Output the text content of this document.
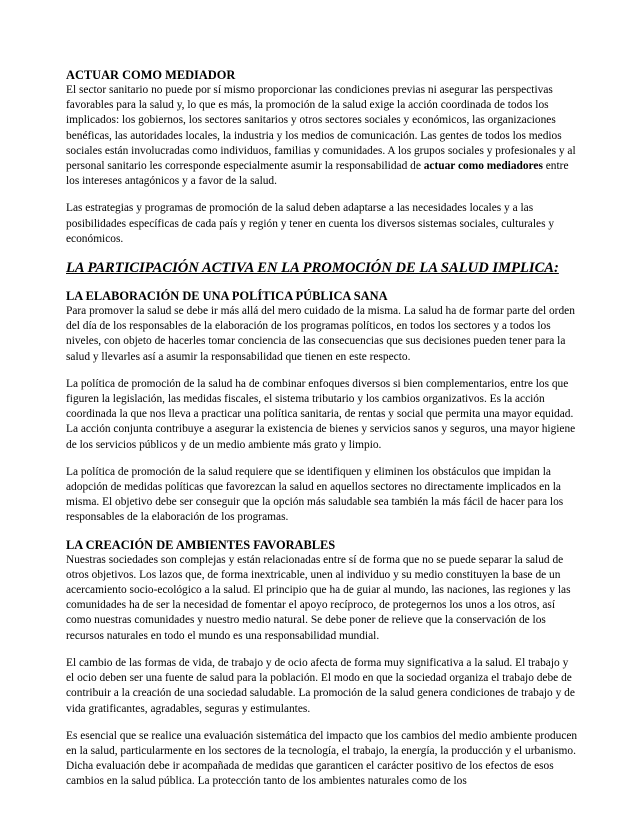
ACTUAR COMO MEDIADOR

El sector sanitario no puede por sí mismo proporcionar las condiciones previas ni asegurar las perspectivas favorables para la salud y, lo que es más, la promoción de la salud exige la acción coordinada de todos los implicados: los gobiernos, los sectores sanitarios y otros sectores sociales y económicos, las organizaciones benéficas, las autoridades locales, la industria y los medios de comunicación. Las gentes de todos los medios sociales están involucradas como individuos, familias y comunidades. A los grupos sociales y profesionales y al personal sanitario les corresponde especialmente asumir la responsabilidad de actuar como mediadores entre los intereses antagónicos y a favor de la salud.

Las estrategias y programas de promoción de la salud deben adaptarse a las necesidades locales y a las posibilidades específicas de cada país y región y tener en cuenta los diversos sistemas sociales, culturales y económicos.

LA PARTICIPACIÓN ACTIVA EN LA PROMOCIÓN DE LA SALUD IMPLICA:
LA ELABORACIÓN DE UNA POLÍTICA PÚBLICA SANA

Para promover la salud se debe ir más allá del mero cuidado de la misma. La salud ha de formar parte del orden del día de los responsables de la elaboración de los programas políticos, en todos los sectores y a todos los niveles, con objeto de hacerles tomar conciencia de las consecuencias que sus decisiones pueden tener para la salud y llevarles así a asumir la responsabilidad que tienen en este respecto.

La política de promoción de la salud ha de combinar enfoques diversos si bien complementarios, entre los que figuren la legislación, las medidas fiscales, el sistema tributario y los cambios organizativos. Es la acción coordinada la que nos lleva a practicar una política sanitaria, de rentas y social que permita una mayor equidad. La acción conjunta contribuye a asegurar la existencia de bienes y servicios sanos y seguros, una mayor higiene de los servicios públicos y de un medio ambiente más grato y limpio.

La política de promoción de la salud requiere que se identifiquen y eliminen los obstáculos que impidan la adopción de medidas políticas que favorezcan la salud en aquellos sectores no directamente implicados en la misma. El objetivo debe ser conseguir que la opción más saludable sea también la más fácil de hacer para los responsables de la elaboración de los programas.

LA CREACIÓN DE AMBIENTES FAVORABLES

Nuestras sociedades son complejas y están relacionadas entre sí de forma que no se puede separar la salud de otros objetivos. Los lazos que, de forma inextricable, unen al individuo y su medio constituyen la base de un acercamiento socio-ecológico a la salud. El principio que ha de guiar al mundo, las naciones, las regiones y las comunidades ha de ser la necesidad de fomentar el apoyo recíproco, de protegernos los unos a los otros, así como nuestras comunidades y nuestro medio natural. Se debe poner de relieve que la conservación de los recursos naturales en todo el mundo es una responsabilidad mundial.

El cambio de las formas de vida, de trabajo y de ocio afecta de forma muy significativa a la salud. El trabajo y el ocio deben ser una fuente de salud para la población. El modo en que la sociedad organiza el trabajo debe de contribuir a la creación de una sociedad saludable. La promoción de la salud genera condiciones de trabajo y de vida gratificantes, agradables, seguras y estimulantes.

Es esencial que se realice una evaluación sistemática del impacto que los cambios del medio ambiente producen en la salud, particularmente en los sectores de la tecnología, el trabajo, la energía, la producción y el urbanismo. Dicha evaluación debe ir acompañada de medidas que garanticen el carácter positivo de los efectos de esos cambios en la salud pública. La protección tanto de los ambientes naturales como de los
